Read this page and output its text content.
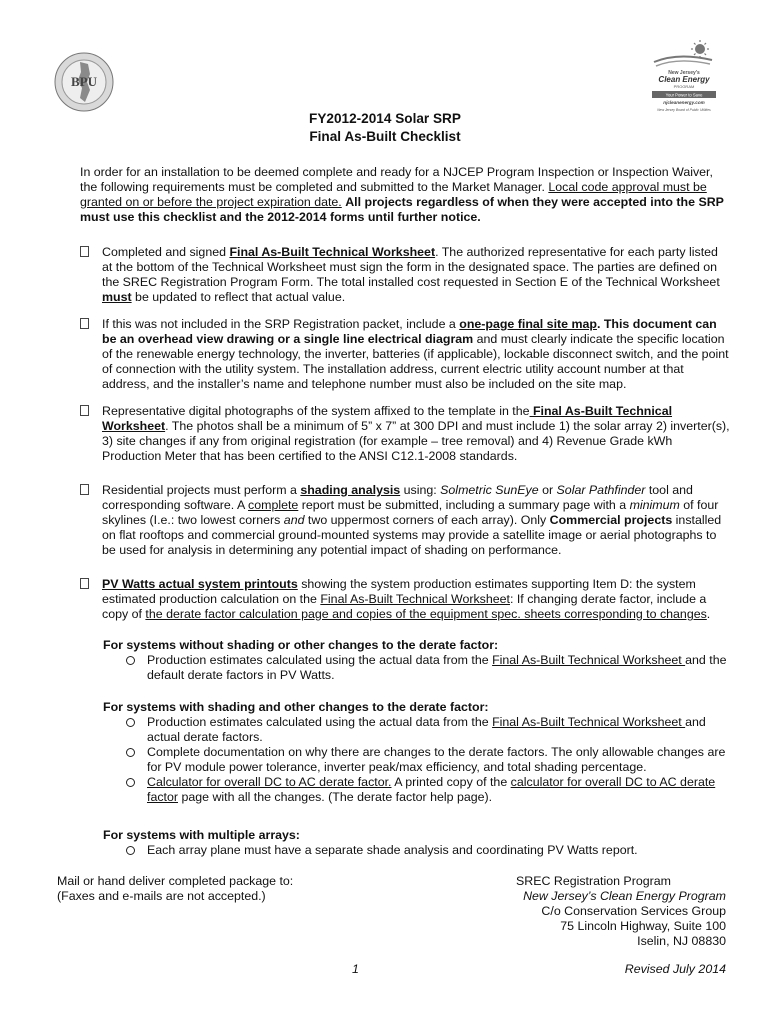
BPU
New Jersey's
Clean Energy
PROGRAM
Your Power to Save
njcleanenergy.com
New Jersey Board of Public Utilities
FY2012-2014 Solar SRP
Final As-Built Checklist
In order for an installation to be deemed complete and ready for a NJCEP Program Inspection or Inspection Waiver, the following requirements must be completed and submitted to the Market Manager. Local code approval must be granted on or before the project expiration date. All projects regardless of when they were accepted into the SRP must use this checklist and the 2012-2014 forms until further notice.
Completed and signed Final As-Built Technical Worksheet. The authorized representative for each party listed at the bottom of the Technical Worksheet must sign the form in the designated space. The parties are defined on the SREC Registration Program Form. The total installed cost requested in Section E of the Technical Worksheet must be updated to reflect that actual value.
If this was not included in the SRP Registration packet, include a one-page final site map. This document can be an overhead view drawing or a single line electrical diagram and must clearly indicate the specific location of the renewable energy technology, the inverter, batteries (if applicable), lockable disconnect switch, and the point of connection with the utility system. The installation address, current electric utility account number at that address, and the installer’s name and telephone number must also be included on the site map.
Representative digital photographs of the system affixed to the template in the Final As-Built Technical Worksheet. The photos shall be a minimum of 5” x 7” at 300 DPI and must include 1) the solar array 2) inverter(s), 3) site changes if any from original registration (for example – tree removal) and 4) Revenue Grade kWh Production Meter that has been certified to the ANSI C12.1-2008 standards.
Residential projects must perform a shading analysis using: Solmetric SunEye or Solar Pathfinder tool and corresponding software. A complete report must be submitted, including a summary page with a minimum of four skylines (I.e.: two lowest corners and two uppermost corners of each array). Only Commercial projects installed on flat rooftops and commercial ground-mounted systems may provide a satellite image or aerial photographs to be used for analysis in determining any potential impact of shading on performance.
PV Watts actual system printouts showing the system production estimates supporting Item D: the system estimated production calculation on the Final As-Built Technical Worksheet: If changing derate factor, include a copy of the derate factor calculation page and copies of the equipment spec. sheets corresponding to changes.
For systems without shading or other changes to the derate factor:
Production estimates calculated using the actual data from the Final As-Built Technical Worksheet and the default derate factors in PV Watts.
For systems with shading and other changes to the derate factor:
Production estimates calculated using the actual data from the Final As-Built Technical Worksheet and actual derate factors.
Complete documentation on why there are changes to the derate factors. The only allowable changes are for PV module power tolerance, inverter peak/max efficiency, and total shading percentage.
Calculator for overall DC to AC derate factor. A printed copy of the calculator for overall DC to AC derate factor page with all the changes. (The derate factor help page).
For systems with multiple arrays:
Each array plane must have a separate shade analysis and coordinating PV Watts report.
Mail or hand deliver completed package to:
(Faxes and e-mails are not accepted.)
SREC Registration Program
New Jersey’s Clean Energy Program
C/o Conservation Services Group
75 Lincoln Highway, Suite 100
Iselin, NJ 08830
1	Revised July 2014
